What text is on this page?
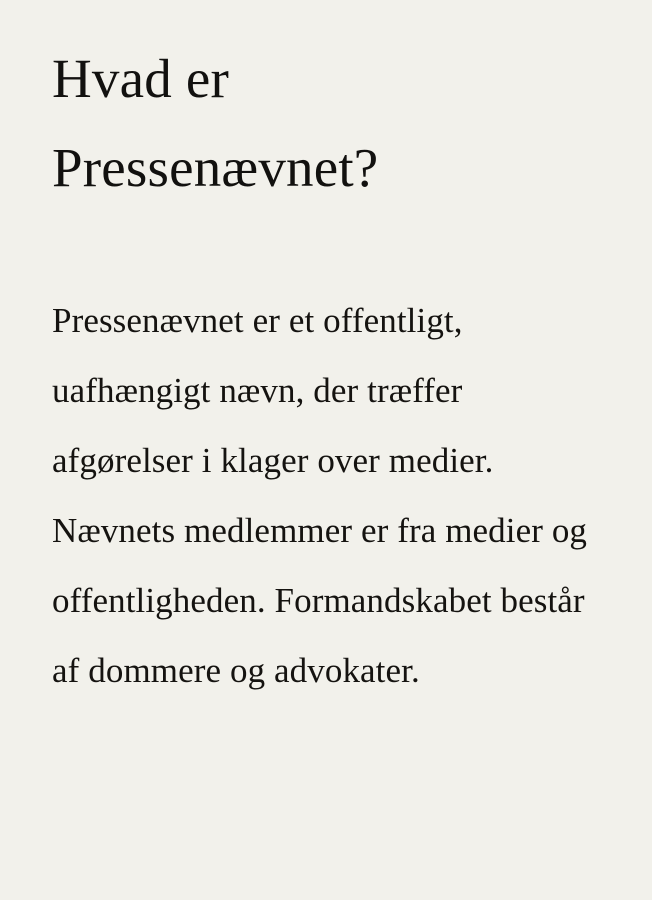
Hvad er Pressenævnet?

Pressenævnet er et offentligt, uafhængigt nævn, der træffer afgørelser i klager over medier. Nævnets medlemmer er fra medier og offentligheden. Formandskabet består af dommere og advokater.
